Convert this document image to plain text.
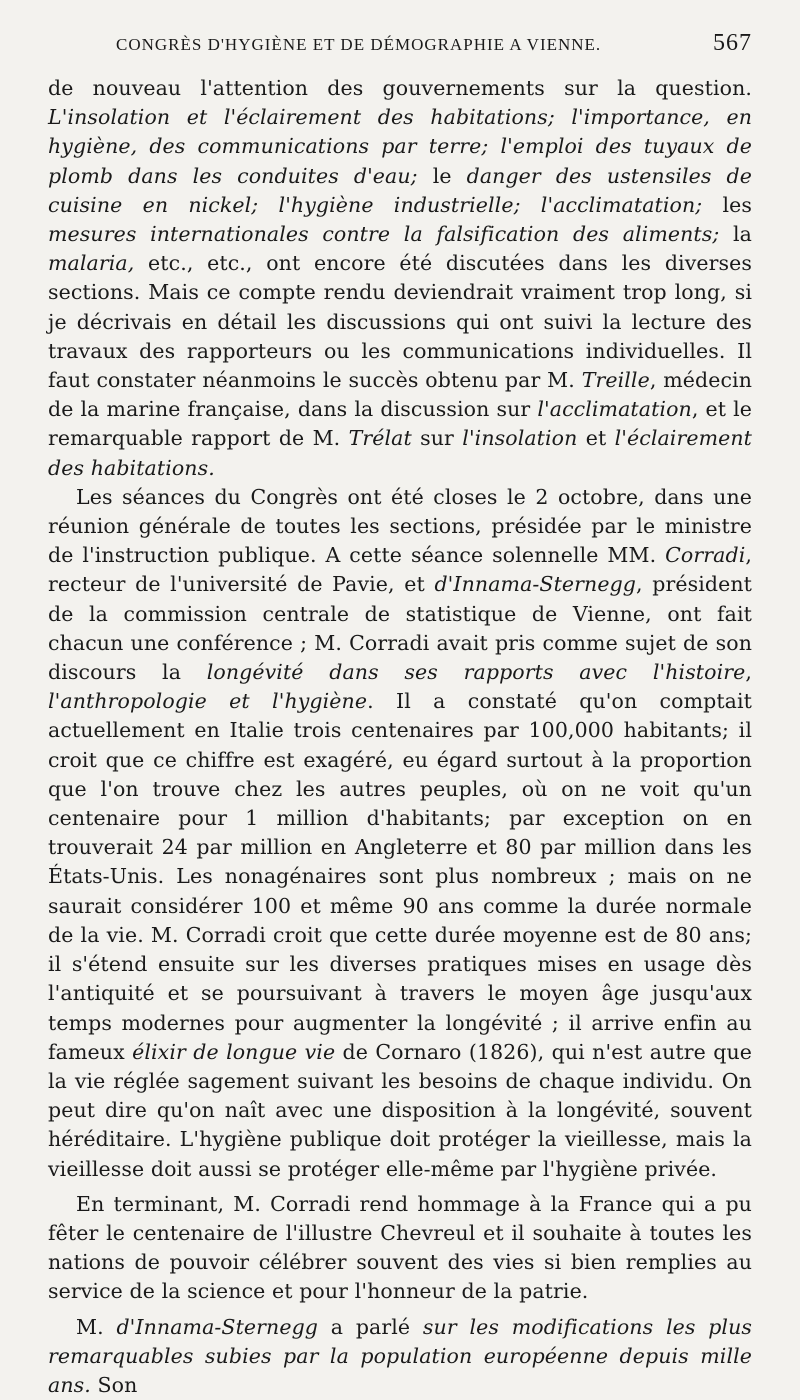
CONGRÈS D'HYGIÈNE ET DE DÉMOGRAPHIE A VIENNE.	567

de nouveau l'attention des gouvernements sur la question. L'insolation et l'éclairement des habitations; l'importance, en hygiène, des communications par terre; l'emploi des tuyaux de plomb dans les conduites d'eau; le danger des ustensiles de cuisine en nickel; l'hygiène industrielle; l'acclimatation; les mesures internationales contre la falsification des aliments; la malaria, etc., etc., ont encore été discutées dans les diverses sections. Mais ce compte rendu deviendrait vraiment trop long, si je décrivais en détail les discussions qui ont suivi la lecture des travaux des rapporteurs ou les communications individuelles. Il faut constater néanmoins le succès obtenu par M. Treille, médecin de la marine française, dans la discussion sur l'acclimatation, et le remarquable rapport de M. Trélat sur l'insolation et l'éclairement des habitations.

Les séances du Congrès ont été closes le 2 octobre, dans une réunion générale de toutes les sections, présidée par le ministre de l'instruction publique. A cette séance solennelle MM. Corradi, recteur de l'université de Pavie, et d'Innama-Sternegg, président de la commission centrale de statistique de Vienne, ont fait chacun une conférence ; M. Corradi avait pris comme sujet de son discours la longévité dans ses rapports avec l'histoire, l'anthropologie et l'hygiène. Il a constaté qu'on comptait actuellement en Italie trois centenaires par 100,000 habitants; il croit que ce chiffre est exagéré, eu égard surtout à la proportion que l'on trouve chez les autres peuples, où on ne voit qu'un centenaire pour 1 million d'habitants; par exception on en trouverait 24 par million en Angleterre et 80 par million dans les États-Unis. Les nonagénaires sont plus nombreux ; mais on ne saurait considérer 100 et même 90 ans comme la durée normale de la vie. M. Corradi croit que cette durée moyenne est de 80 ans; il s'étend ensuite sur les diverses pratiques mises en usage dès l'antiquité et se poursuivant à travers le moyen âge jusqu'aux temps modernes pour augmenter la longévité ; il arrive enfin au fameux élixir de longue vie de Cornaro (1826), qui n'est autre que la vie réglée sagement suivant les besoins de chaque individu. On peut dire qu'on naît avec une disposition à la longévité, souvent héréditaire. L'hygiène publique doit protéger la vieillesse, mais la vieillesse doit aussi se protéger elle-même par l'hygiène privée.

En terminant, M. Corradi rend hommage à la France qui a pu fêter le centenaire de l'illustre Chevreul et il souhaite à toutes les nations de pouvoir célébrer souvent des vies si bien remplies au service de la science et pour l'honneur de la patrie.

M. d'Innama-Sternegg a parlé sur les modifications les plus remarquables subies par la population européenne depuis mille ans. Son
